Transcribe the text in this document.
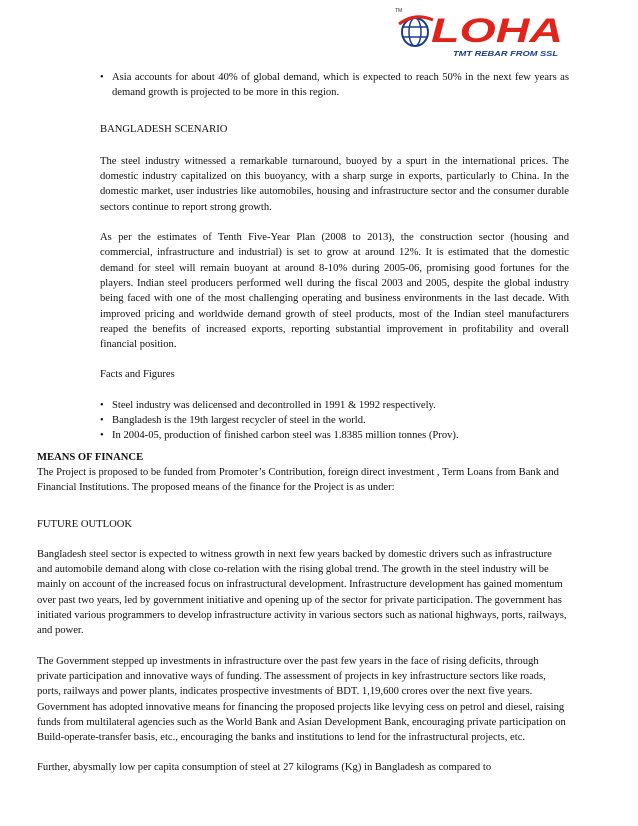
TM
LOHA
TMT REBAR FROM SSL
• Asia accounts for about 40% of global demand, which is expected to reach 50% in the next few years as demand growth is projected to be more in this region.

BANGLADESH SCENARIO

The steel industry witnessed a remarkable turnaround, buoyed by a spurt in the international prices. The domestic industry capitalized on this buoyancy, with a sharp surge in exports, particularly to China. In the domestic market, user industries like automobiles, housing and infrastructure sector and the consumer durable sectors continue to report strong growth.

As per the estimates of Tenth Five-Year Plan (2008 to 2013), the construction sector (housing and commercial, infrastructure and industrial) is set to grow at around 12%. It is estimated that the domestic demand for steel will remain buoyant at around 8-10% during 2005-06, promising good fortunes for the players. Indian steel producers performed well during the fiscal 2003 and 2005, despite the global industry being faced with one of the most challenging operating and business environments in the last decade. With improved pricing and worldwide demand growth of steel products, most of the Indian steel manufacturers reaped the benefits of increased exports, reporting substantial improvement in profitability and overall financial position.

Facts and Figures

• Steel industry was delicensed and decontrolled in 1991 & 1992 respectively.

• Bangladesh is the 19th largest recycler of steel in the world.

• In 2004-05, production of finished carbon steel was 1.8385 million tonnes (Prov).

MEANS OF FINANCE

The Project is proposed to be funded from Promoter’s Contribution, foreign direct investment , Term Loans from Bank and Financial Institutions. The proposed means of the finance for the Project is as under:

FUTURE OUTLOOK

Bangladesh steel sector is expected to witness growth in next few years backed by domestic drivers such as infrastructure and automobile demand along with close co-relation with the rising global trend. The growth in the steel industry will be mainly on account of the increased focus on infrastructural development. Infrastructure development has gained momentum over past two years, led by government initiative and opening up of the sector for private participation. The government has initiated various programmers to develop infrastructure activity in various sectors such as national highways, ports, railways, and power.

The Government stepped up investments in infrastructure over the past few years in the face of rising deficits, through private participation and innovative ways of funding. The assessment of projects in key infrastructure sectors like roads, ports, railways and power plants, indicates prospective investments of BDT. 1,19,600 crores over the next five years. Government has adopted innovative means for financing the proposed projects like levying cess on petrol and diesel, raising funds from multilateral agencies such as the World Bank and Asian Development Bank, encouraging private participation on Build-operate-transfer basis, etc., encouraging the banks and institutions to lend for the infrastructural projects, etc.

Further, abysmally low per capita consumption of steel at 27 kilograms (Kg) in Bangladesh as compared to
